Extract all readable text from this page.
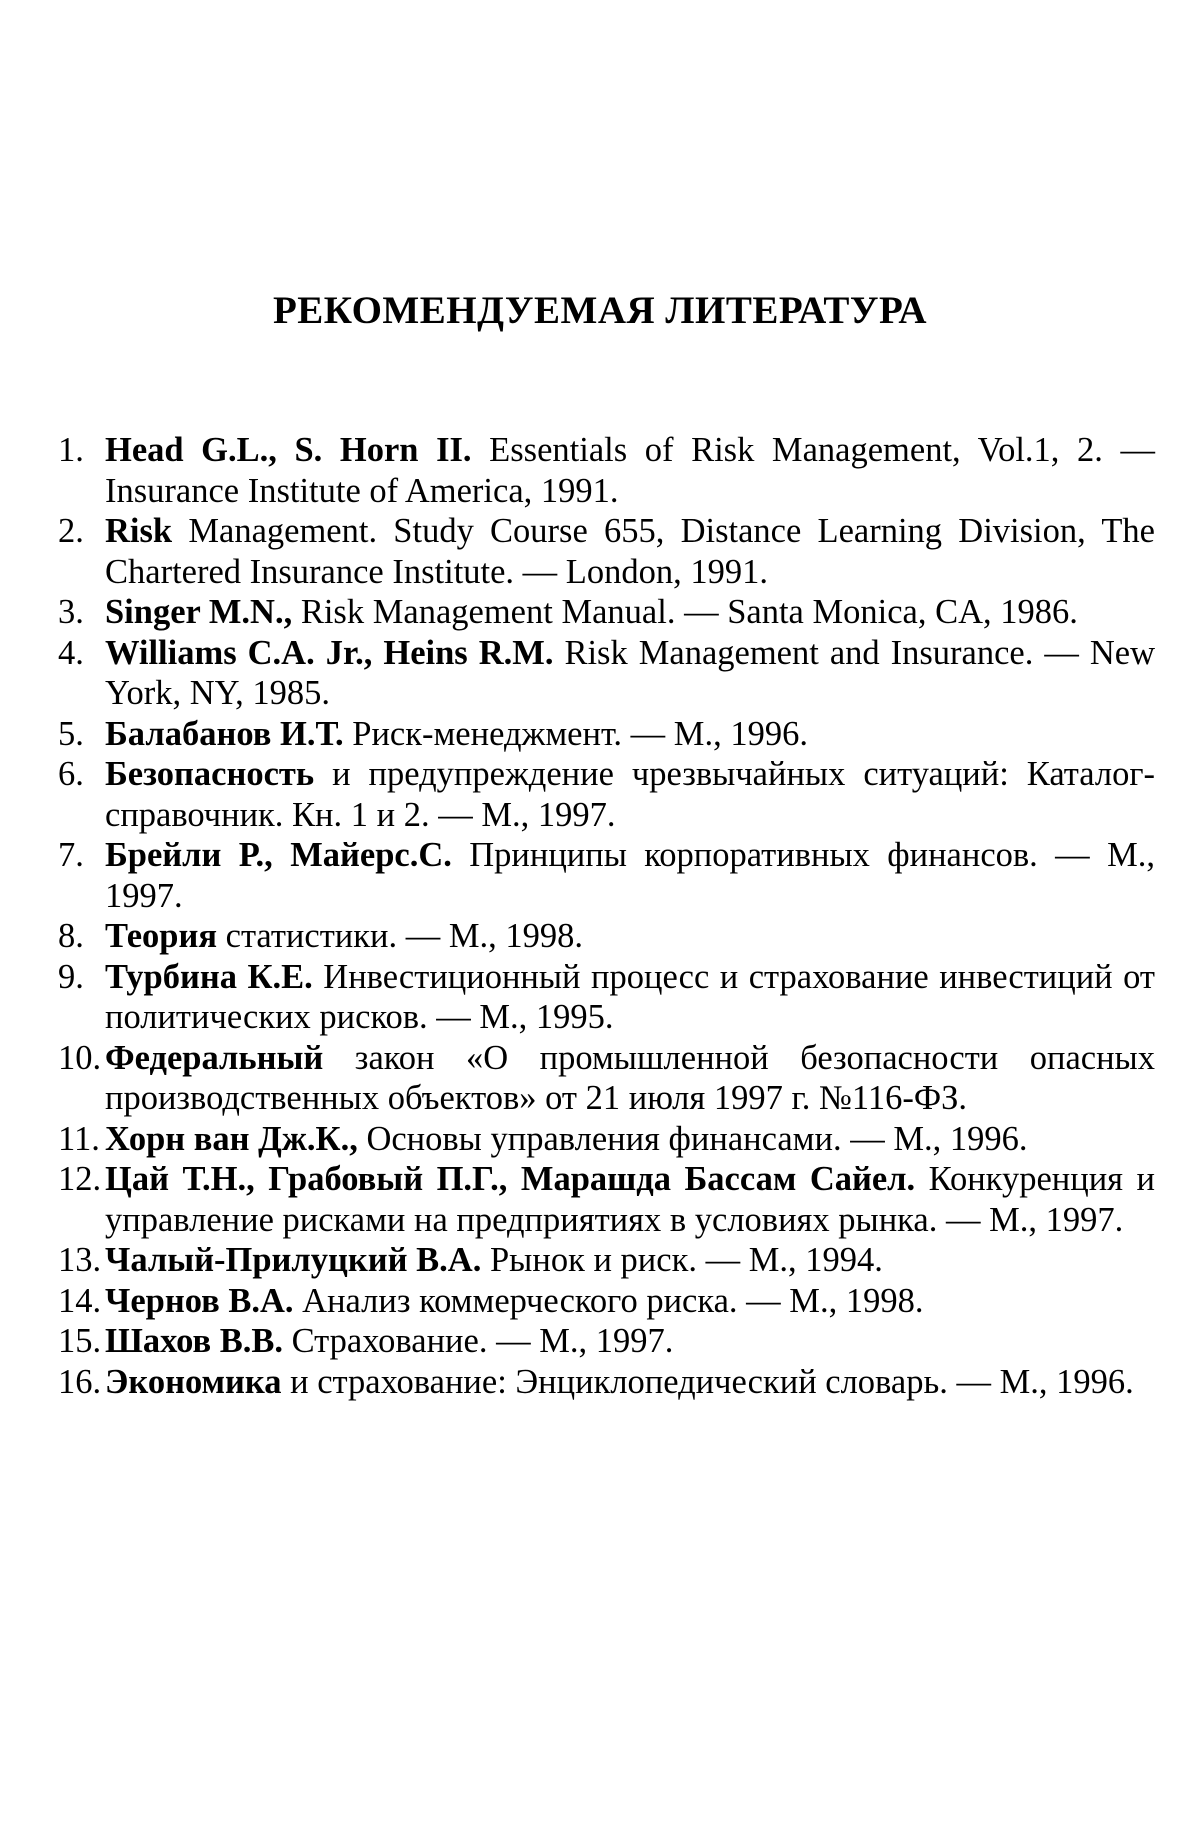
РЕКОМЕНДУЕМАЯ ЛИТЕРАТУРА
1. Head G.L., S. Horn II. Essentials of Risk Management, Vol.1, 2. — Insurance Institute of America, 1991.
2. Risk Management. Study Course 655, Distance Learning Division, The Chartered Insurance Institute. — London, 1991.
3. Singer M.N., Risk Management Manual. — Santa Monica, CA, 1986.
4. Williams C.A. Jr., Heins R.M. Risk Management and Insurance. — New York, NY, 1985.
5. Балабанов И.Т. Риск-менеджмент. — М., 1996.
6. Безопасность и предупреждение чрезвычайных ситуаций: Каталог-справочник. Кн. 1 и 2. — М., 1997.
7. Брейли Р., Майерс.С. Принципы корпоративных финансов. — М., 1997.
8. Теория статистики. — М., 1998.
9. Турбина К.Е. Инвестиционный процесс и страхование инвестиций от политических рисков. — М., 1995.
10. Федеральный закон «О промышленной безопасности опасных производственных объектов» от 21 июля 1997 г. №116-ФЗ.
11. Хорн ван Дж.К., Основы управления финансами. — М., 1996.
12. Цай Т.Н., Грабовый П.Г., Марашда Бассам Сайел. Конкуренция и управление рисками на предприятиях в условиях рынка. — М., 1997.
13. Чалый-Прилуцкий В.А. Рынок и риск. — М., 1994.
14. Чернов В.А. Анализ коммерческого риска. — М., 1998.
15. Шахов В.В. Страхование. — М., 1997.
16. Экономика и страхование: Энциклопедический словарь. — М., 1996.
